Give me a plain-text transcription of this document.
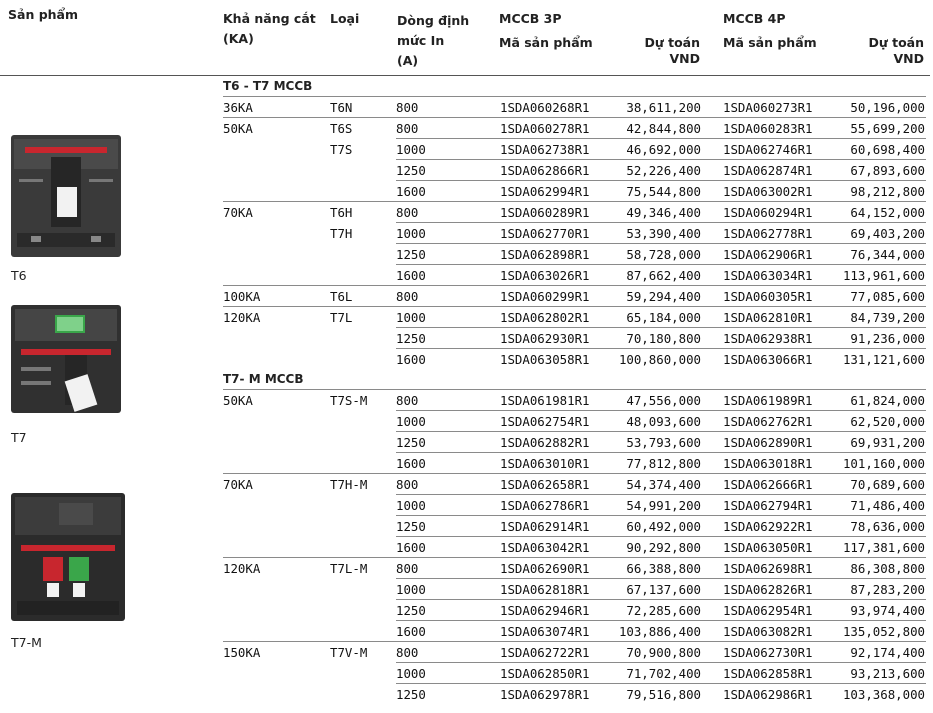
Sản phẩm	Khả năng cắt
(KA)
Loại	Dòng định
mức In
(A)
MCCB 3P
Mã sản phẩm	Dự toán
VND
MCCB 4P
Mã sản phẩm	Dự toán
VND
T6
T7
T7-M
T6 - T7 MCCB
36KA	T6N	800	1SDA060268R1	38,611,200 1SDA060273R1	50,196,000
50KA	T6S	800	1SDA060278R1	42,844,800 1SDA060283R1	55,699,200
T7S	1000	1SDA062738R1	46,692,000 1SDA062746R1	60,698,400
1250	1SDA062866R1	52,226,400 1SDA062874R1	67,893,600
1600	1SDA062994R1	75,544,800 1SDA063002R1	98,212,800
70KA	T6H	800	1SDA060289R1	49,346,400 1SDA060294R1	64,152,000
T7H	1000	1SDA062770R1	53,390,400 1SDA062778R1	69,403,200
1250	1SDA062898R1	58,728,000 1SDA062906R1	76,344,000
1600	1SDA063026R1	87,662,400 1SDA063034R1	113,961,600
100KA	T6L	800	1SDA060299R1	59,294,400 1SDA060305R1	77,085,600
120KA	T7L	1000	1SDA062802R1	65,184,000 1SDA062810R1	84,739,200
1250	1SDA062930R1	70,180,800 1SDA062938R1	91,236,000
1600	1SDA063058R1	100,860,000 1SDA063066R1	131,121,600
T7- M MCCB
50KA	T7S-M	800	1SDA061981R1	47,556,000 1SDA061989R1	61,824,000
1000	1SDA062754R1	48,093,600 1SDA062762R1	62,520,000
1250	1SDA062882R1	53,793,600 1SDA062890R1	69,931,200
1600	1SDA063010R1	77,812,800 1SDA063018R1	101,160,000
70KA	T7H-M	800	1SDA062658R1	54,374,400 1SDA062666R1	70,689,600
1000	1SDA062786R1	54,991,200 1SDA062794R1	71,486,400
1250	1SDA062914R1	60,492,000 1SDA062922R1	78,636,000
1600	1SDA063042R1	90,292,800 1SDA063050R1	117,381,600
120KA	T7L-M	800	1SDA062690R1	66,388,800 1SDA062698R1	86,308,800
1000	1SDA062818R1	67,137,600 1SDA062826R1	87,283,200
1250	1SDA062946R1	72,285,600 1SDA062954R1	93,974,400
1600	1SDA063074R1	103,886,400 1SDA063082R1	135,052,800
150KA	T7V-M	800	1SDA062722R1	70,900,800 1SDA062730R1	92,174,400
1000	1SDA062850R1	71,702,400 1SDA062858R1	93,213,600
1250	1SDA062978R1	79,516,800 1SDA062986R1	103,368,000
